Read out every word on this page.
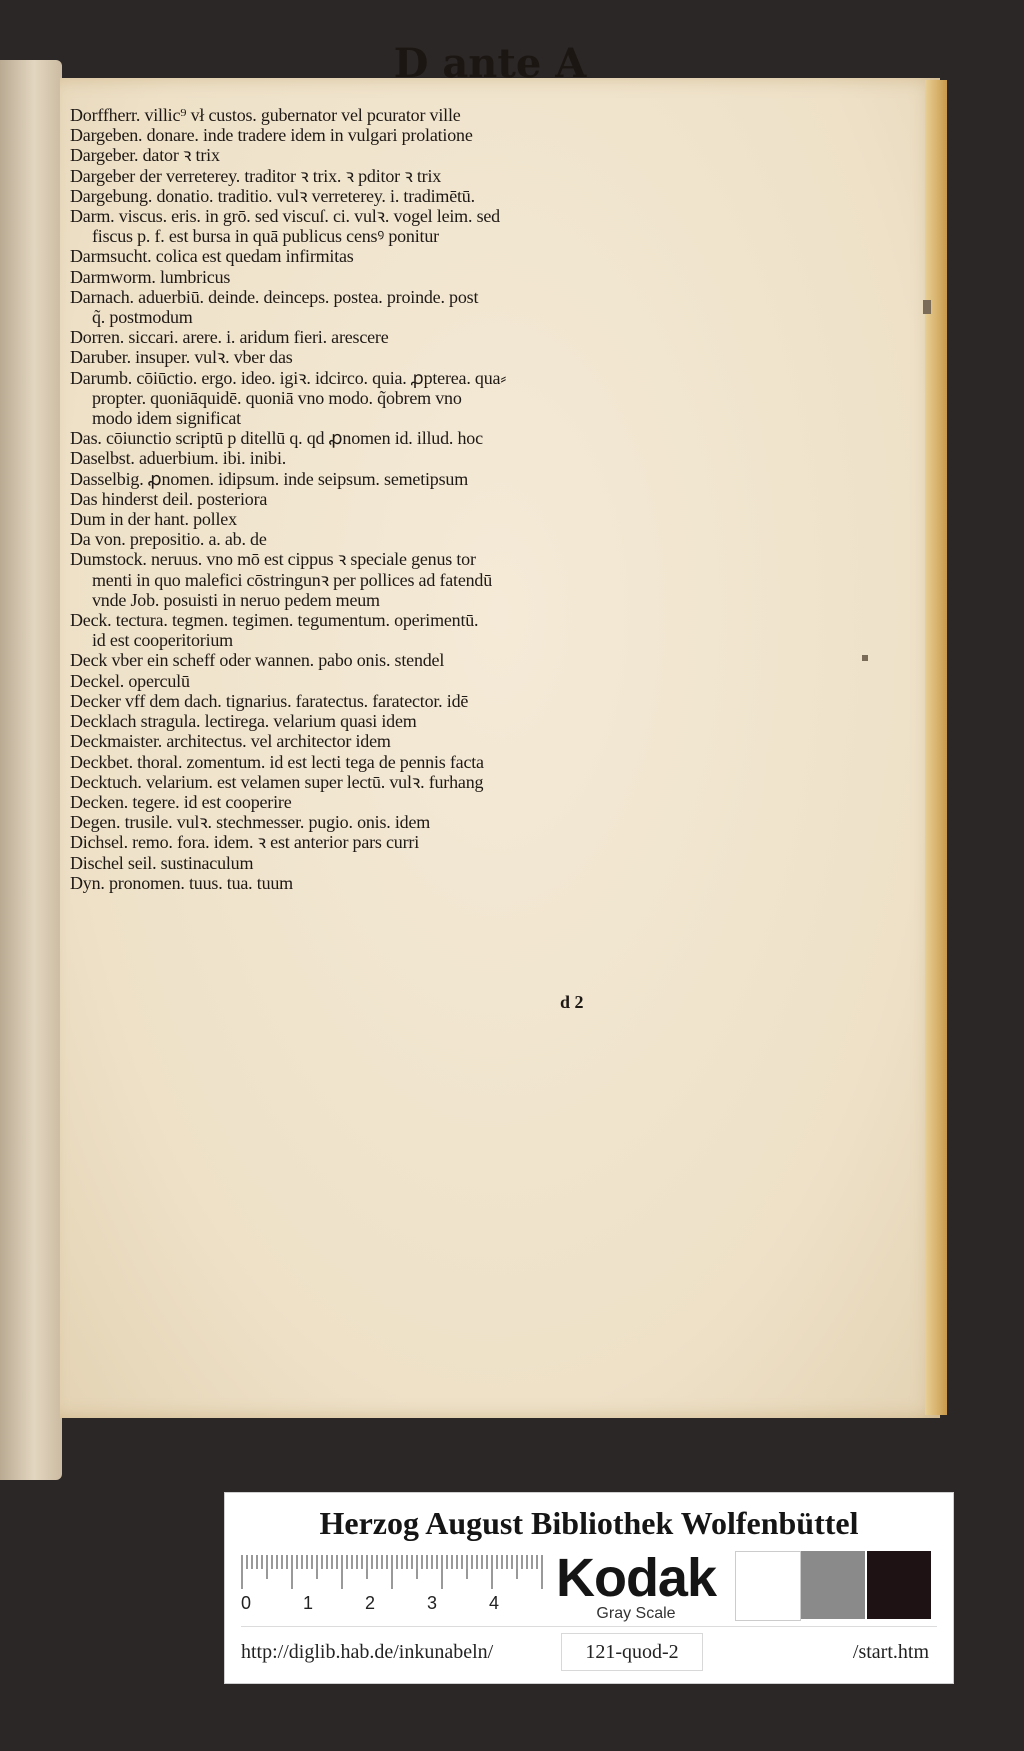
D ante A
Dorffherr. villic⁹ vł custos. gubernator vel pcurator ville
Dargeben. donare. inde tradere idem in vulgari prolatione
Dargeber. dator ꝛ trix
Dargeber der verreterey. traditor ꝛ trix. ꝛ pditor ꝛ trix
Dargebung. donatio. traditio. vulꝛ verreterey. i. tradimētū.
Darm. viscus. eris. in grō. sed viscuſ. ci. vulꝛ. vogel leim. sed
fiscus p. f. est bursa in quā publicus censꝰ ponitur
Darmsucht. colica est quedam infirmitas
Darmworm. lumbricus
Darnach. aduerbiū. deinde. deinceps. postea. proinde. post
q̃. postmodum
Dorren. siccari. arere. i. aridum fieri. arescere
Daruber. insuper. vulꝛ. vber das
Darumb. cōiūctio. ergo. ideo. igiꝛ. idcirco. quia. ꝓpterea. qua⸗
propter. quoniāquidē. quoniā vno modo. q̃obrem vno
modo idem significat
Das. cōiunctio scriptū p ditellū q. qd ꝓnomen id. illud. hoc
Daselbst. aduerbium. ibi. inibi.
Dasselbig. ꝓnomen. idipsum. inde seipsum. semetipsum
Das hinderst deil. posteriora
Dum in der hant. pollex
Da von. prepositio. a. ab. de
Dumstock. neruus. vno mō est cippus ꝛ speciale genus tor
menti in quo malefici cōstringunꝛ per pollices ad fatendū
vnde Job. posuisti in neruo pedem meum
Deck. tectura. tegmen. tegimen. tegumentum. operimentū.
id est cooperitorium
Deck vber ein scheff oder wannen. pabo onis. stendel
Deckel. operculū
Decker vff dem dach. tignarius. faratectus. faratector. idē
Decklach stragula. lectirega. velarium quasi idem
Deckmaister. architectus. vel architector idem
Deckbet. thoral. zomentum. id est lecti tega de pennis facta
Decktuch. velarium. est velamen super lectū. vulꝛ. furhang
Decken. tegere. id est cooperire
Degen. trusile. vulꝛ. stechmesser. pugio. onis. idem
Dichsel. remo. fora. idem. ꝛ est anterior pars curri
Dischel seil. sustinaculum
Dyn. pronomen. tuus. tua. tuum
d 2
Herzog August Bibliothek Wolfenbüttel
0	1	2	3	4 Kodak
Gray Scale
http://diglib.hab.de/inkunabeln/	121-quod-2	/start.htm
